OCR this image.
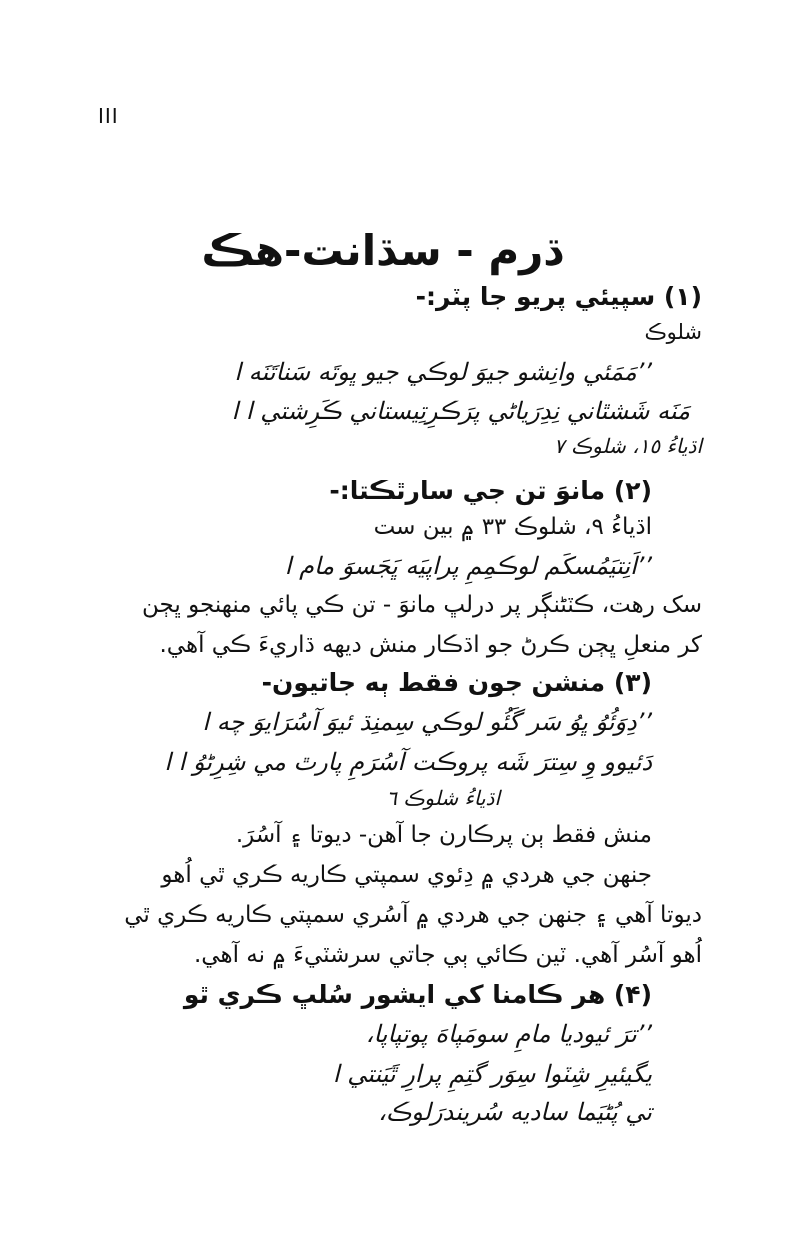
III
ڌرم - سڌانت-هڪ
(١) سپيئي پريو جا پٽر:-
شلوڪ
’’مَمَئي وانِشو جيوَ لوڪي جيو ڀوتَه سَناتَنَه ا
مَنَه شَشٿاني نِدِرَياڻي پرَڪرِتِيستاني ڪَرِشتي ا ا
اڌياءُ ١٥، شلوڪ ٧
(٢) مانوَ تن جي سارٿڪتا:-
اڌياءُ ٩، شلوڪ ٣٣ ۾ بين ست
’’اَنِتيَمُسکَم لوڪمِمِ پراپيَه ڀَجَسوَ مام ا
سک رهت، ڪٽڻنڳر پر درلڀ مانوَ - تن ڪي پائي منهنجو ڀڄن
کر منعلِ ڀڄن ڪرڻ جو اڌڪار منش ديهه ڌاريءَ ڪي آهي.
(٣) منشن جون فقط ٻه جاتيون-
’’دِوَئُوُ ڀوُ سَر گَئُو لوڪي سِمنِڌ ئيوَ آسُرَايوَ چه ا
دَئيوو وِ سِترَ شَه پروڪت آسُرَمِ پارٿ مي شِرِڻوُ ا ا
اڌياءُ شلوڪ ٦
منش فقط ٻن پرڪارن جا آهن- ديوتا ۽ آسُرَ.
جنهن جي هردي ۾ دِئوي سمپتي ڪاريه ڪري ٿي اُهو
ديوتا آهي ۽ جنهن جي هردي ۾ آسُري سمپتي ڪاريه ڪري ٿي
اُهو آسُر آهي. ٽين ڪائي ٻي جاتي سرشٽيءَ ۾ نه آهي.
(۴) هر ڪامنا کي ايشور سُلڀ ڪري ٿو
’’ترَ ئيوديا مامِ سومَپاهَ پوتپاپا،
يگيئيرِ شِٽوا سِوَر گتِمِ پرارِ ٿَيَنتي ا
تي پُڻيَما ساديه سُريندرَلوڪ،
